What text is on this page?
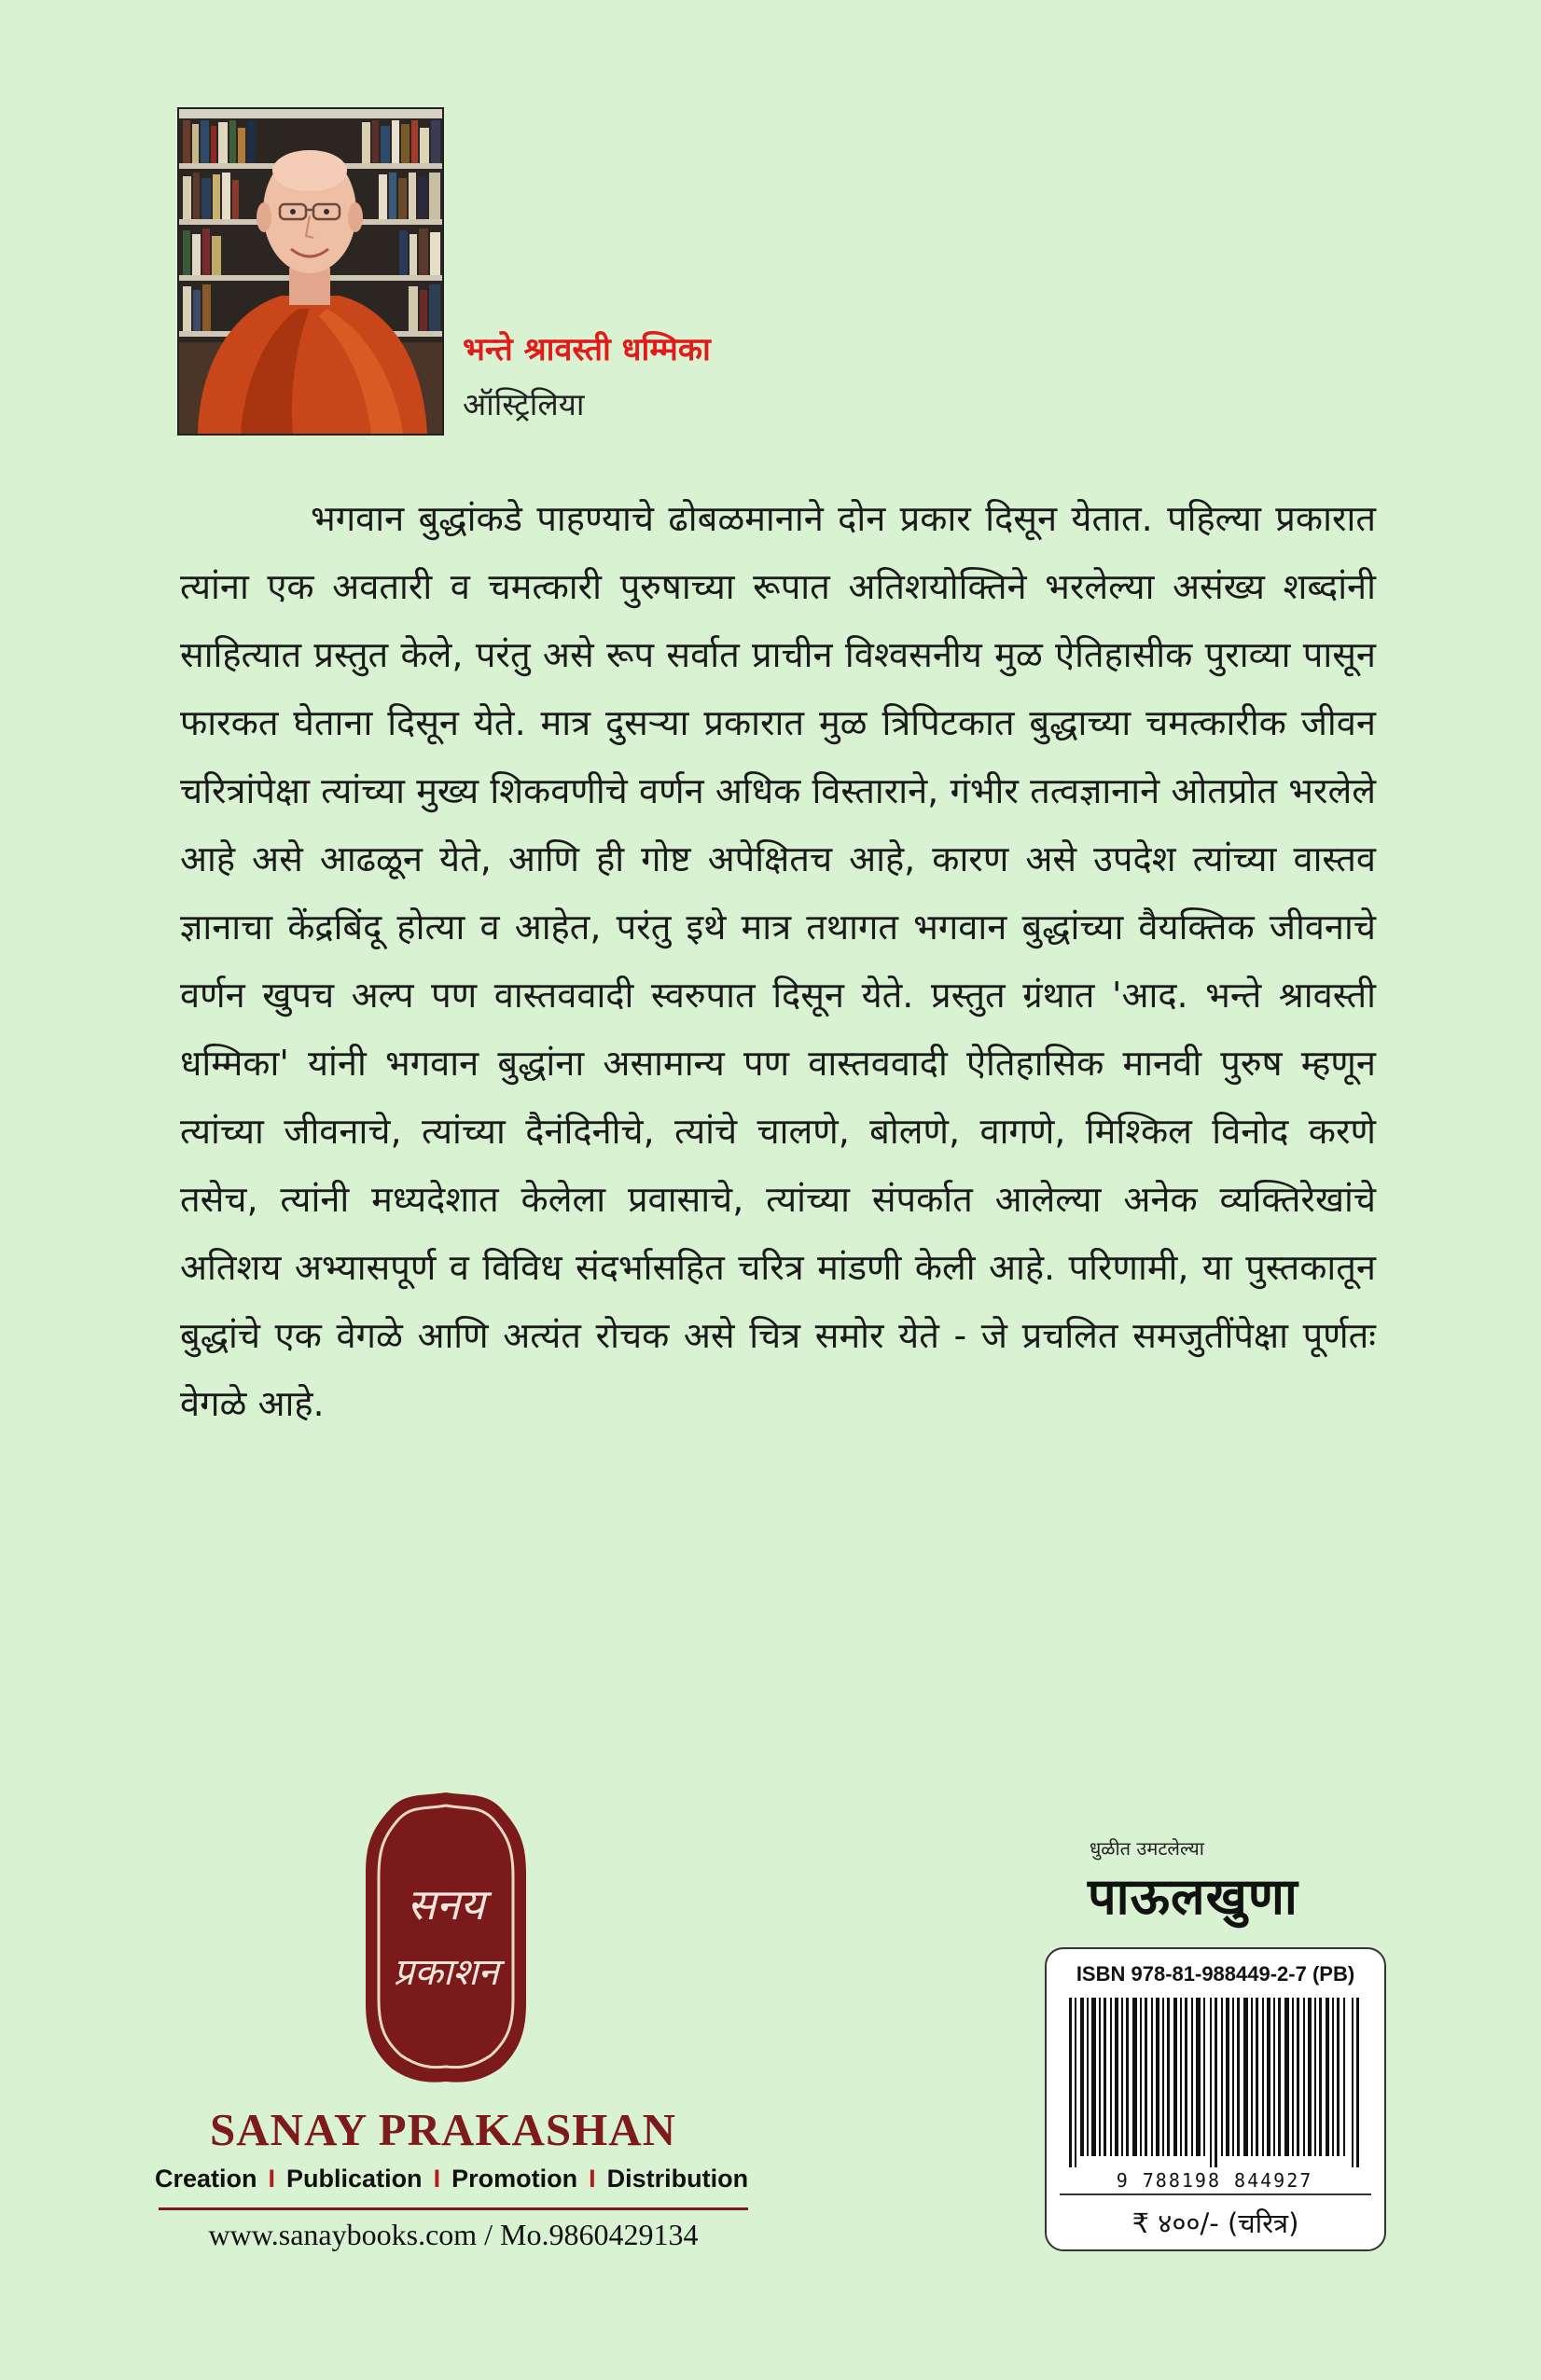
भन्ते श्रावस्ती धम्मिका
ऑस्ट्रिलिया

भगवान बुद्धांकडे पाहण्याचे ढोबळमानाने दोन प्रकार दिसून येतात. पहिल्या प्रकारात त्यांना एक अवतारी व चमत्कारी पुरुषाच्या रूपात अतिशयोक्तिने भरलेल्या असंख्य शब्दांनी साहित्यात प्रस्तुत केले, परंतु असे रूप सर्वात प्राचीन विश्वसनीय मुळ ऐतिहासीक पुराव्या पासून फारकत घेताना दिसून येते. मात्र दुसऱ्या प्रकारात मुळ त्रिपिटकात बुद्धाच्या चमत्कारीक जीवन चरित्रांपेक्षा त्यांच्या मुख्य शिकवणीचे वर्णन अधिक विस्ताराने, गंभीर तत्वज्ञानाने ओतप्रोत भरलेले आहे असे आढळून येते, आणि ही गोष्ट अपेक्षितच आहे, कारण असे उपदेश त्यांच्या वास्तव ज्ञानाचा केंद्रबिंदू होत्या व आहेत, परंतु इथे मात्र तथागत भगवान बुद्धांच्या वैयक्तिक जीवनाचे वर्णन खुपच अल्प पण वास्तववादी स्वरुपात दिसून येते. प्रस्तुत ग्रंथात 'आद. भन्ते श्रावस्ती धम्मिका' यांनी भगवान बुद्धांना असामान्य पण वास्तववादी ऐतिहासिक मानवी पुरुष म्हणून त्यांच्या जीवनाचे, त्यांच्या दैनंदिनीचे, त्यांचे चालणे, बोलणे, वागणे, मिश्किल विनोद करणे तसेच, त्यांनी मध्यदेशात केलेला प्रवासाचे, त्यांच्या संपर्कात आलेल्या अनेक व्यक्तिरेखांचे अतिशय अभ्यासपूर्ण व विविध संदर्भासहित चरित्र मांडणी केली आहे. परिणामी, या पुस्तकातून बुद्धांचे एक वेगळे आणि अत्यंत रोचक असे चित्र समोर येते - जे प्रचलित समजुतींपेक्षा पूर्णतः वेगळे आहे.

धुळीत उमटलेल्या
पाऊलखुणा
ISBN 978-81-988449-2-7 (PB)
9 788198 844927
₹ ४००/- (चरित्र)
सनय
प्रकाशन
SANAY PRAKASHAN
Creation I Publication I Promotion I Distribution
www.sanaybooks.com / Mo.9860429134
